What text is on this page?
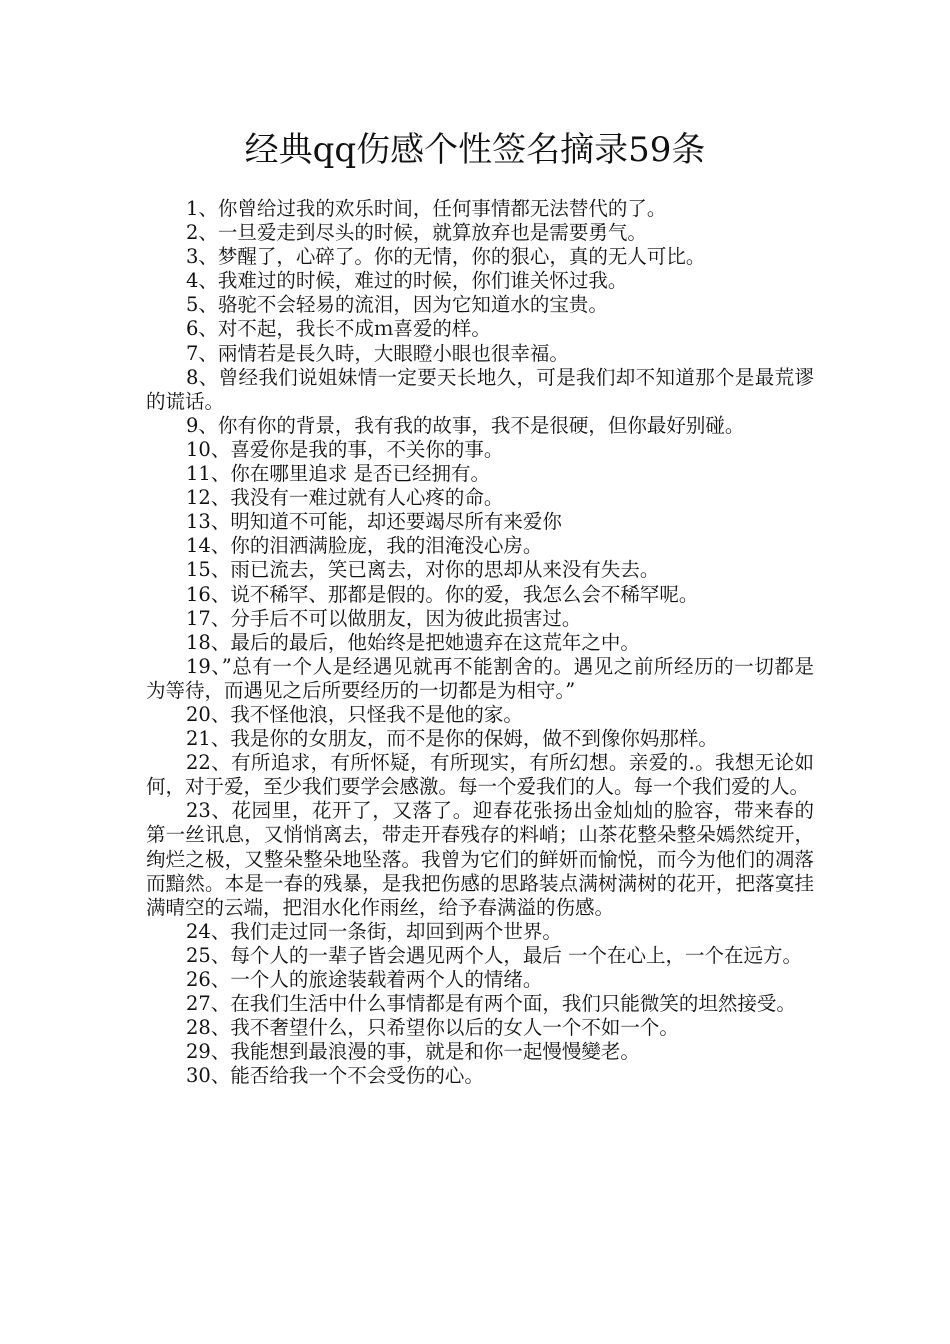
经典qq伤感个性签名摘录59条

1、你曾给过我的欢乐时间，任何事情都无法替代的了。

2、一旦爱走到尽头的时候，就算放弃也是需要勇气。

3、梦醒了，心碎了。你的无情，你的狠心，真的无人可比。

4、我难过的时候，难过的时候，你们谁关怀过我。

5、骆驼不会轻易的流泪，因为它知道水的宝贵。

6、对不起，我长不成ｍ喜爱的样。

7、兩情若是長久時，大眼瞪小眼也很幸福。

8、曾经我们说姐妹情一定要天长地久，可是我们却不知道那个是最荒谬的谎话。

9、你有你的背景，我有我的故事，我不是很硬，但你最好别碰。

10、喜爱你是我的事，不关你的事。

11、你在哪里追求 是否已经拥有。

12、我没有一难过就有人心疼的命。

13、明知道不可能，却还要竭尽所有来爱你

14、你的泪洒满脸庞，我的泪淹没心房。

15、雨已流去，笑已离去，对你的思却从来没有失去。

16、说不稀罕、那都是假的。你的爱，我怎么会不稀罕呢。

17、分手后不可以做朋友，因为彼此损害过。

18、最后的最后，他始终是把她遗弃在这荒年之中。

19、”总有一个人是经遇见就再不能割舍的。遇见之前所经历的一切都是为等待，而遇见之后所要经历的一切都是为相守。”

20、我不怪他浪，只怪我不是他的家。

21、我是你的女朋友，而不是你的保姆，做不到像你妈那样。

22、有所追求，有所怀疑，有所现实，有所幻想。亲爱的.。我想无论如何，对于爱，至少我们要学会感激。每一个爱我们的人。每一个我们爱的人。

23、花园里，花开了，又落了。迎春花张扬出金灿灿的脸容，带来春的第一丝讯息，又悄悄离去，带走开春残存的料峭；山茶花整朵整朵嫣然绽开，绚烂之极，又整朵整朵地坠落。我曾为它们的鲜妍而愉悦，而今为他们的凋落而黯然。本是一春的残暴，是我把伤感的思路装点满树满树的花开，把落寞挂满晴空的云端，把泪水化作雨丝，给予春满溢的伤感。

24、我们走过同一条街，却回到两个世界。

25、每个人的一辈子皆会遇见两个人，最后 一个在心上，一个在远方。

26、一个人的旅途装载着两个人的情绪。

27、在我们生活中什么事情都是有两个面，我们只能微笑的坦然接受。

28、我不奢望什么，只希望你以后的女人一个不如一个。

29、我能想到最浪漫的事，就是和你一起慢慢變老。

30、能否给我一个不会受伤的心。
